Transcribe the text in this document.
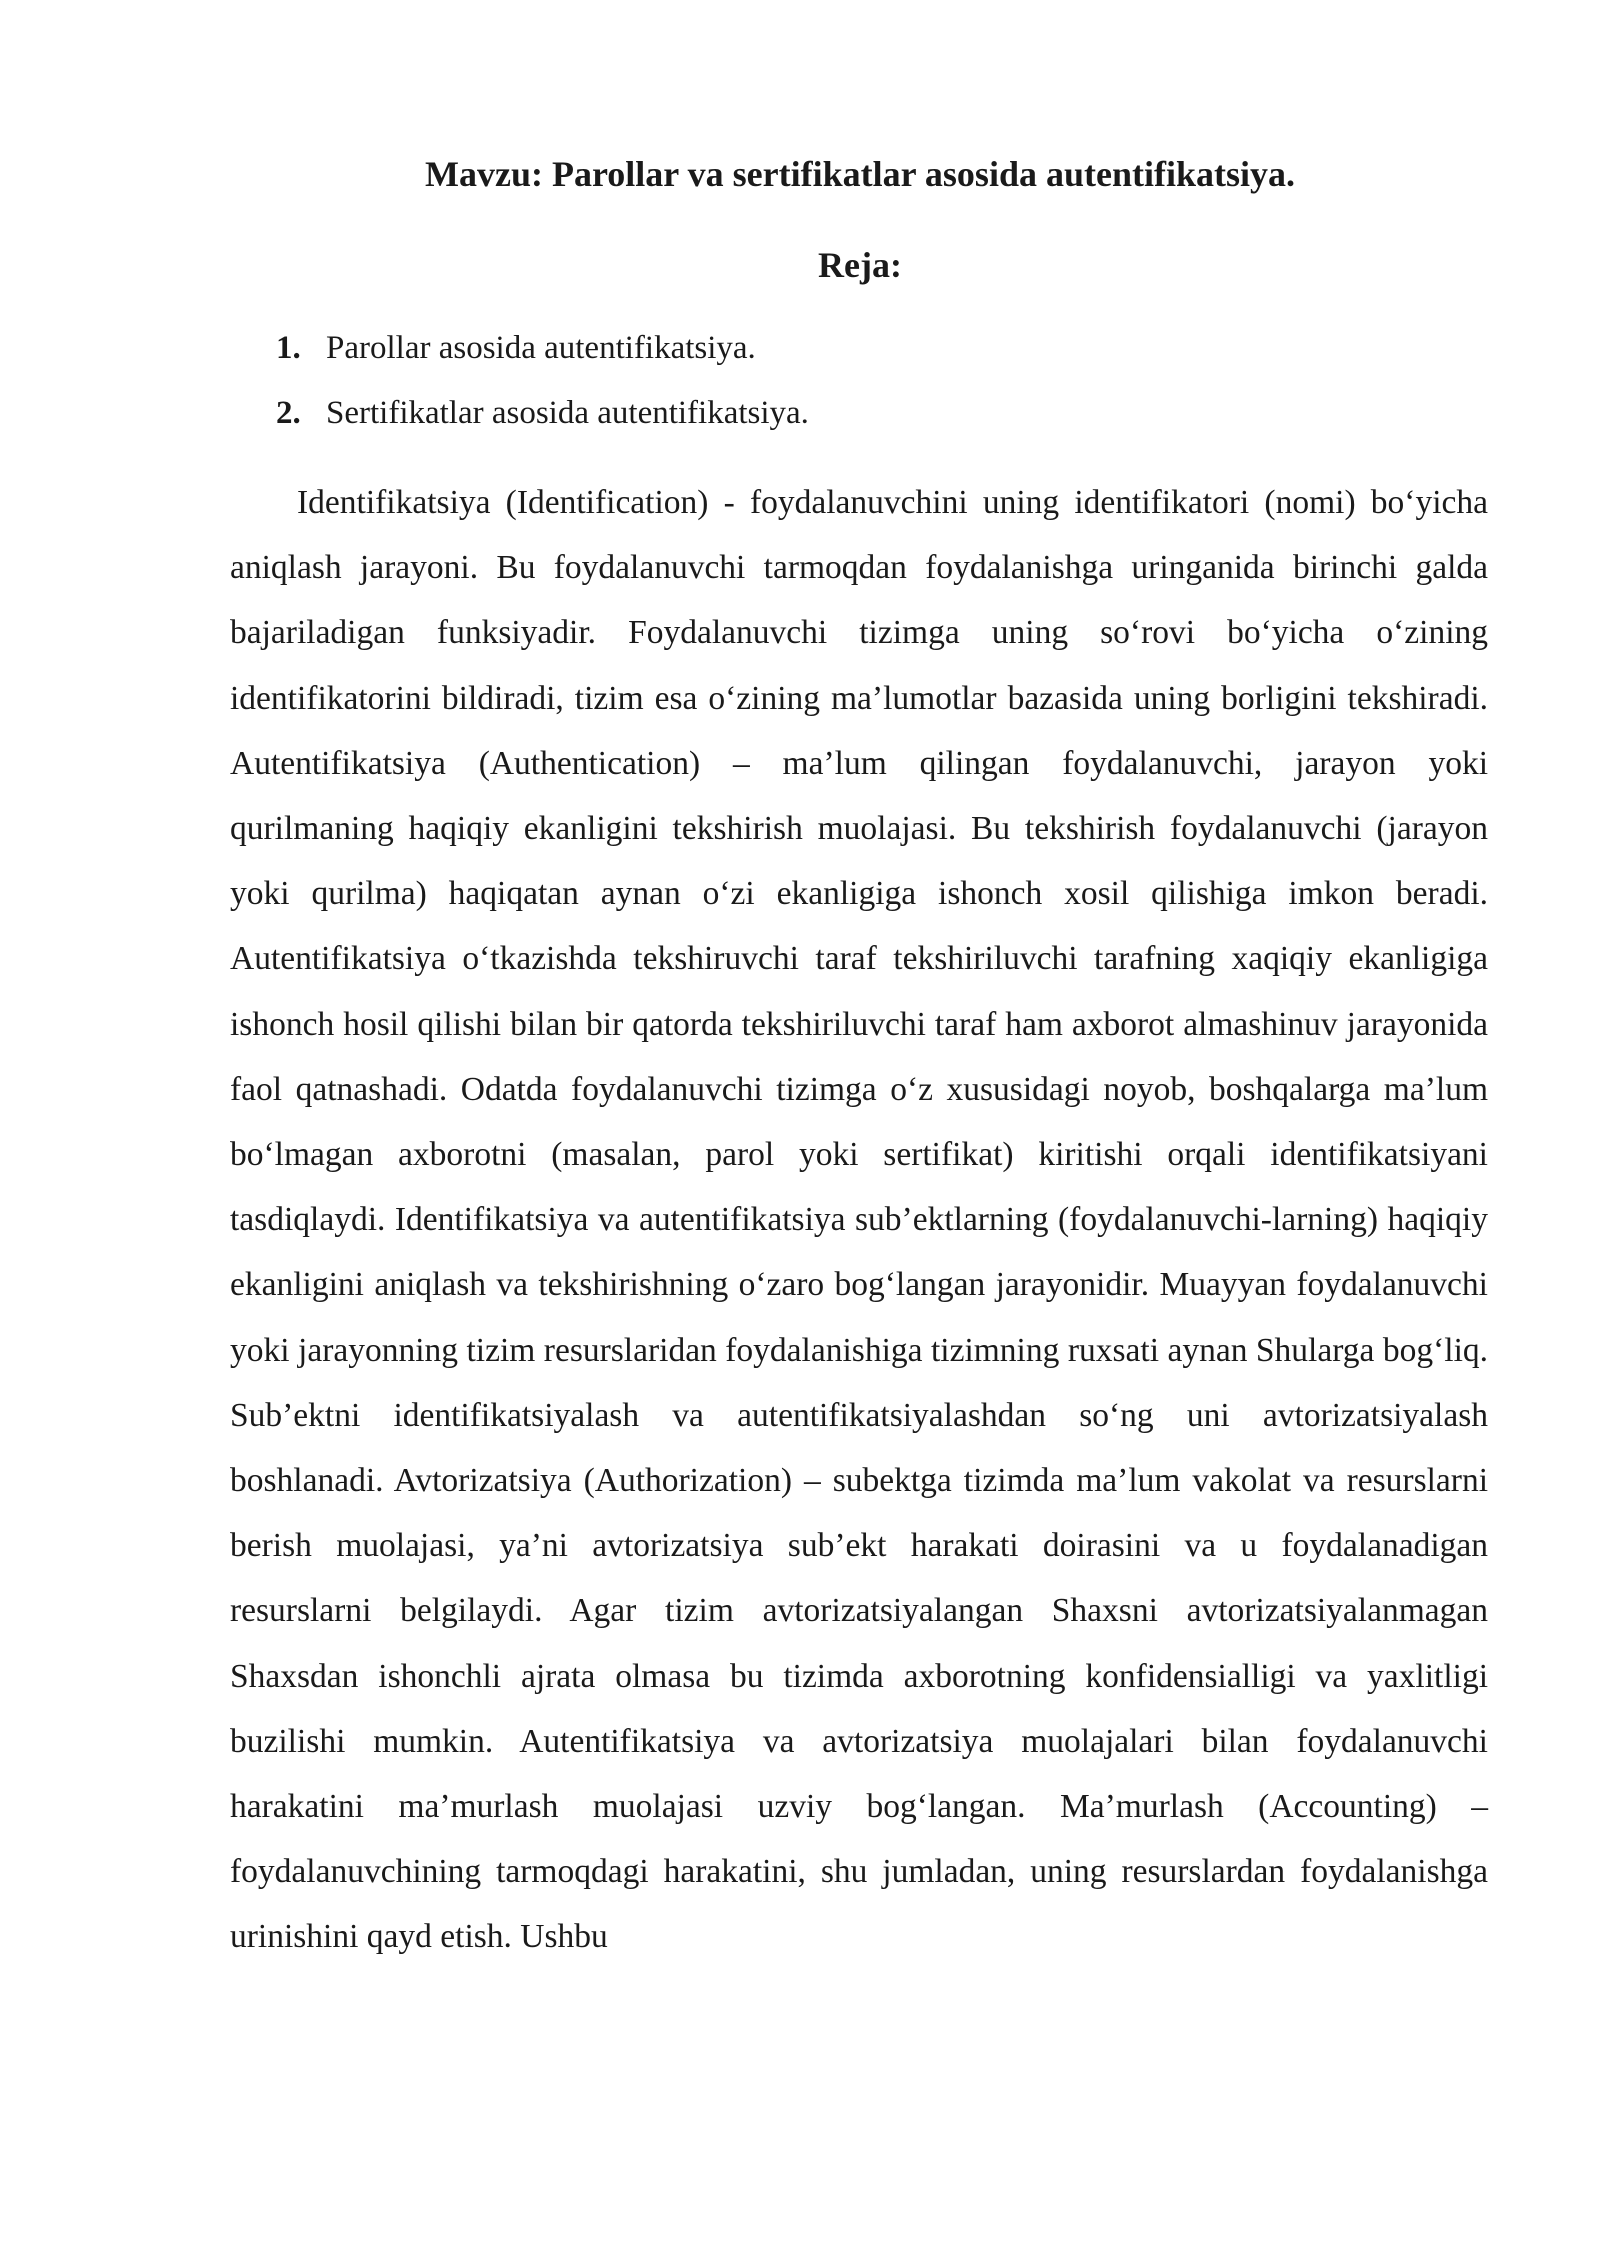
Mavzu: Parollar va sertifikatlar asosida autentifikatsiya.
Reja:
1. Parollar asosida autentifikatsiya.
2. Sertifikatlar asosida autentifikatsiya.

Identifikatsiya (Identification) - foydalanuvchini uning identifikatori (nomi) bo‘yicha aniqlash jarayoni. Bu foydalanuvchi tarmoqdan foydalanishga uringanida birinchi galda bajariladigan funksiyadir. Foydalanuvchi tizimga uning so‘rovi bo‘yicha o‘zining identifikatorini bildiradi, tizim esa o‘zining ma’lumotlar bazasida uning borligini tekshiradi. Autentifikatsiya (Authentication) – ma’lum qilingan foydalanuvchi, jarayon yoki qurilmaning haqiqiy ekanligini tekshirish muolajasi. Bu tekshirish foydalanuvchi (jarayon yoki qurilma) haqiqatan aynan o‘zi ekanligiga ishonch xosil qilishiga imkon beradi. Autentifikatsiya o‘tkazishda tekshiruvchi taraf tekshiriluvchi tarafning xaqiqiy ekanligiga ishonch hosil qilishi bilan bir qatorda tekshiriluvchi taraf ham axborot almashinuv jarayonida faol qatnashadi. Odatda foydalanuvchi tizimga o‘z xususidagi noyob, boshqalarga ma’lum bo‘lmagan axborotni (masalan, parol yoki sertifikat) kiritishi orqali identifikatsiyani tasdiqlaydi. Identifikatsiya va autentifikatsiya sub’ektlarning (foydalanuvchi-larning) haqiqiy ekanligini aniqlash va tekshirishning o‘zaro bog‘langan jarayonidir. Muayyan foydalanuvchi yoki jarayonning tizim resurslaridan foydalanishiga tizimning ruxsati aynan Shularga bog‘liq. Sub’ektni identifikatsiyalash va autentifikatsiyalashdan so‘ng uni avtorizatsiyalash boshlanadi. Avtorizatsiya (Authorization) – subektga tizimda ma’lum vakolat va resurslarni berish muolajasi, ya’ni avtorizatsiya sub’ekt harakati doirasini va u foydalanadigan resurslarni belgilaydi. Agar tizim avtorizatsiyalangan Shaxsni avtorizatsiyalanmagan Shaxsdan ishonchli ajrata olmasa bu tizimda axborotning konfidensialligi va yaxlitligi buzilishi mumkin. Autentifikatsiya va avtorizatsiya muolajalari bilan foydalanuvchi harakatini ma’murlash muolajasi uzviy bog‘langan. Ma’murlash (Accounting) – foydalanuvchining tarmoqdagi harakatini, shu jumladan, uning resurslardan foydalanishga urinishini qayd etish. Ushbu
